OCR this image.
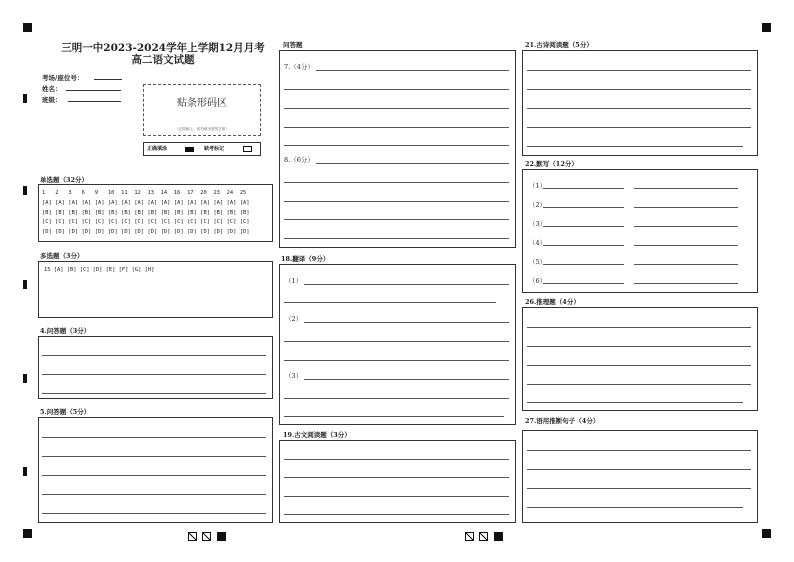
三明一中2023-2024学年上学期12月月考
高二语文试题
考场/座位号：
姓名：
班级：	贴条形码区
（正面朝上，切勿贴出虚线方框）
正确填涂	缺考标记
单选题（32分）
1 2 3 6 9 10 11 12 13 14 16 17 20 23 24 25
[A] [A] [A] [A] [A] [A] [A] [A] [A] [A] [A] [A] [A] [A] [A] [A]
[B] [B] [B] [B] [B] [B] [B] [B] [B] [B] [B] [B] [B] [B] [B] [B]
[C] [C] [C] [C] [C] [C] [C] [C] [C] [C] [C] [C] [C] [C] [C] [C]
[D] [D] [D] [D] [D] [D] [D] [D] [D] [D] [D] [D] [D] [D] [D] [D]
多选题（3分）
15 [A] [B] [C] [D] [E] [F] [G] [H]
4.问答题（3分）
5.问答题（5分）
问答题
7.（4分）
8.（6分）
18.翻译（9分）
（1）
（2）
（3）
19.古文阅读题（3分）
21.古诗阅读题（5分）
22.默写（12分）
（1）
（2）
（3）
（4）
（5）
（6）
26.推理题（4分）
27.语用推断句子（4分）
